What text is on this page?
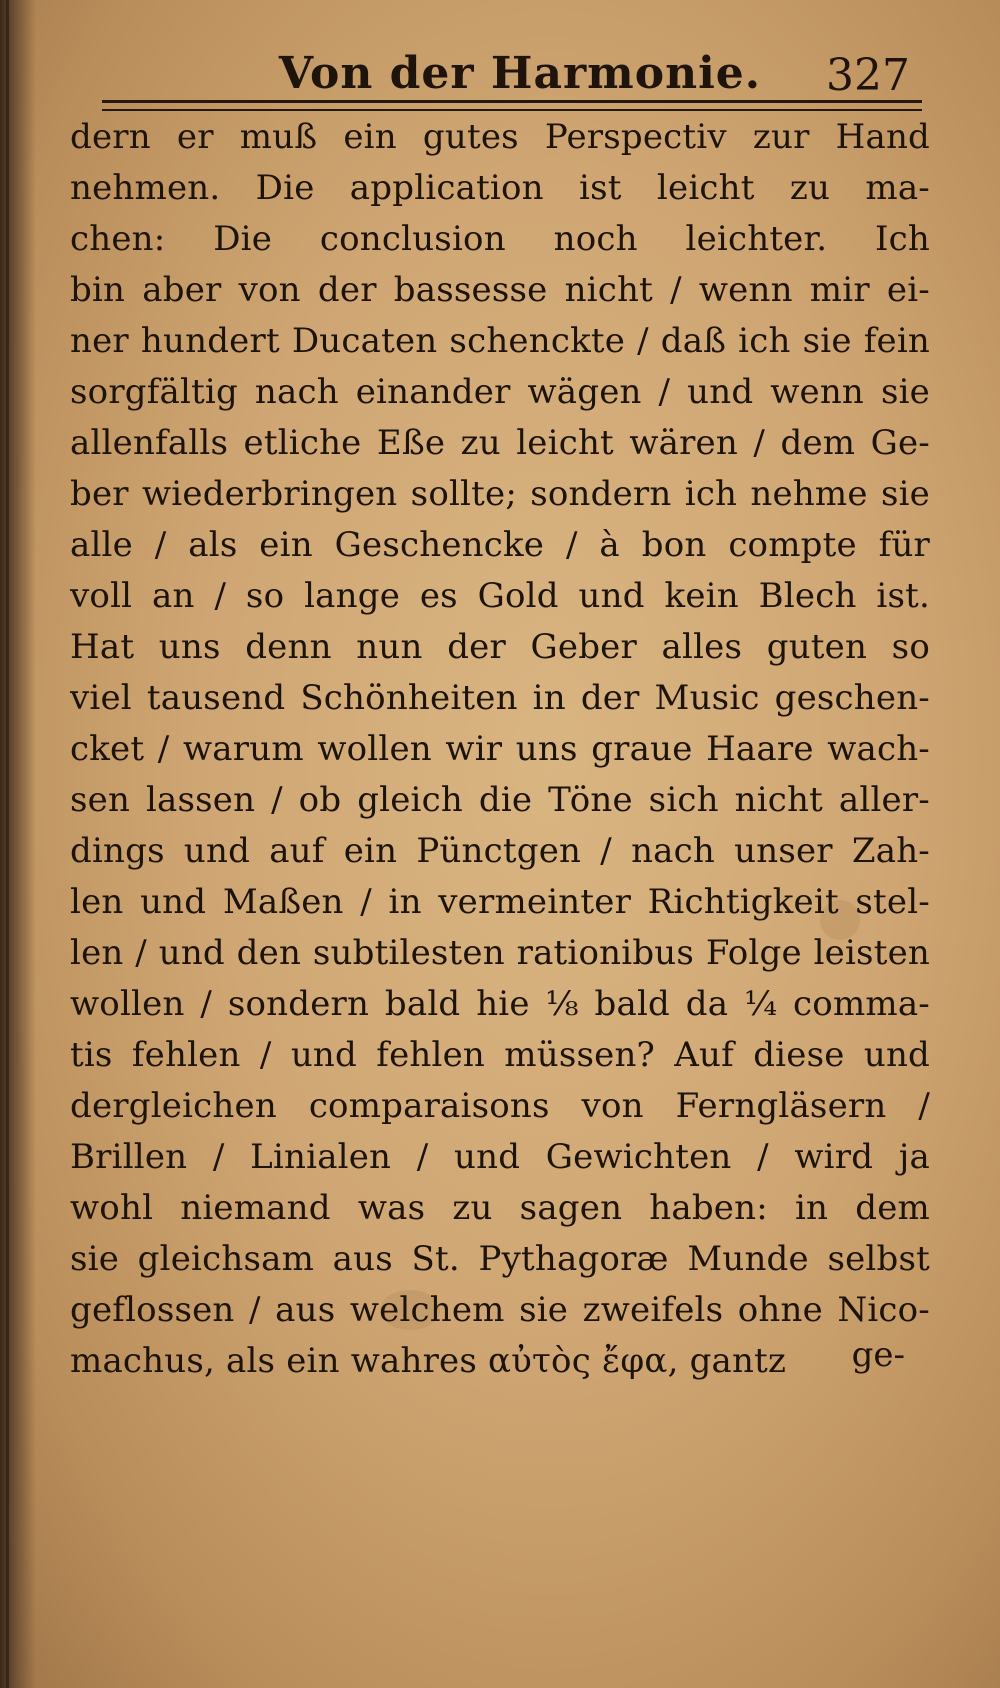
Von der Harmonie.	327
dern er muß ein gutes Perspectiv zur Hand
nehmen. Die application ist leicht zu ma-
chen: Die conclusion noch leichter. Ich
bin aber von der bassesse nicht / wenn mir ei-
ner hundert Ducaten schenckte / daß ich sie fein
sorgfältig nach einander wägen / und wenn sie
allenfalls etliche Eße zu leicht wären / dem Ge-
ber wiederbringen sollte; sondern ich nehme sie
alle / als ein Geschencke / à bon compte für
voll an / so lange es Gold und kein Blech ist.
Hat uns denn nun der Geber alles guten so
viel tausend Schönheiten in der Music geschen-
cket / warum wollen wir uns graue Haare wach-
sen lassen / ob gleich die Töne sich nicht aller-
dings und auf ein Pünctgen / nach unser Zah-
len und Maßen / in vermeinter Richtigkeit stel-
len / und den subtilesten rationibus Folge leisten
wollen / sondern bald hie ⅛ bald da ¼ comma-
tis fehlen / und fehlen müssen? Auf diese und
dergleichen comparaisons von Ferngläsern /
Brillen / Linialen / und Gewichten / wird ja
wohl niemand was zu sagen haben: in dem
sie gleichsam aus St. Pythagoræ Munde selbst
geflossen / aus welchem sie zweifels ohne Nico-
machus, als ein wahres αὐτὸς ἔφα, gantz	ge-
